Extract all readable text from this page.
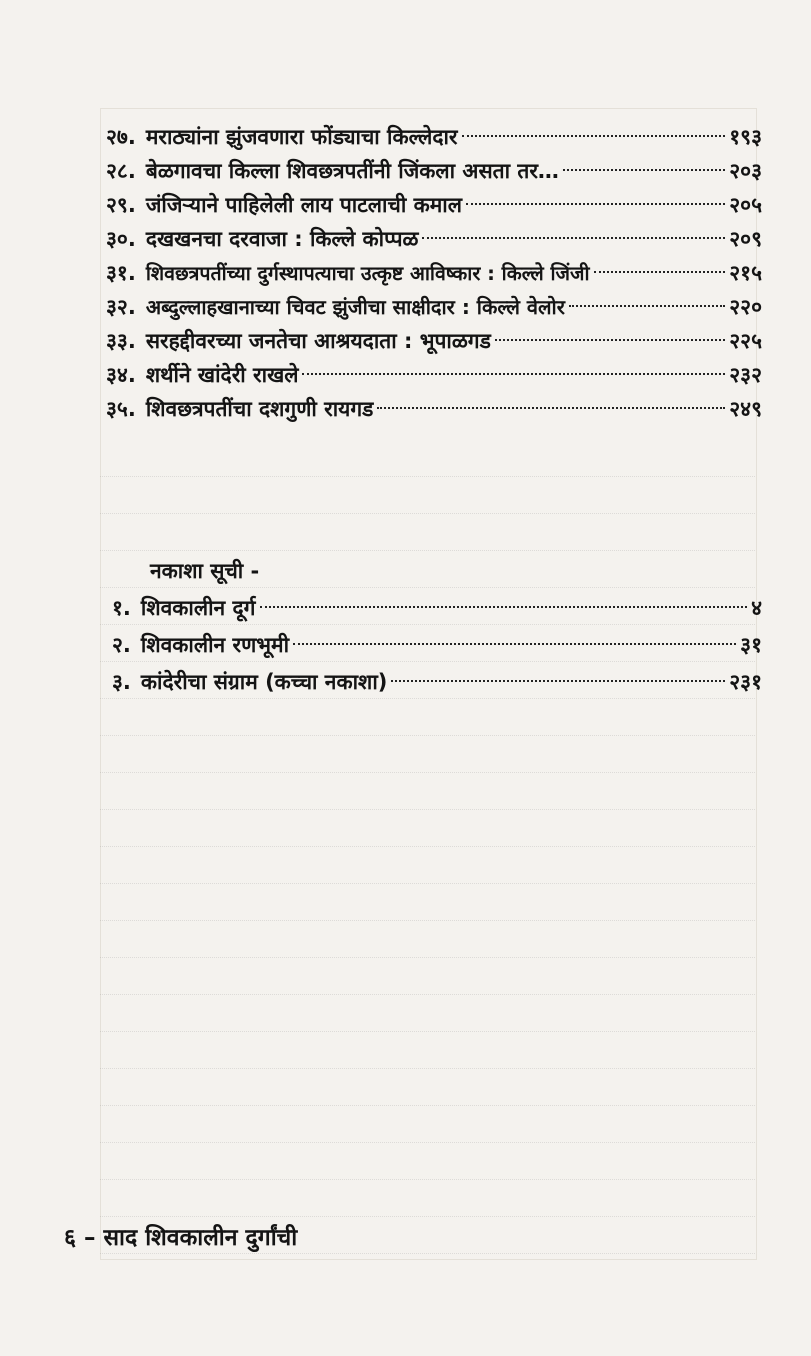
२७. मराठ्यांना झुंजवणारा फोंड्याचा किल्लेदार	१९३
२८. बेळगावचा किल्ला शिवछत्रपतींनी जिंकला असता तर…	२०३
२९. जंजिऱ्याने पाहिलेली लाय पाटलाची कमाल	२०५
३०. दखखनचा दरवाजा : किल्ले कोप्पळ	२०९
३१. शिवछत्रपतींच्या दुर्गस्थापत्याचा उत्कृष्ट आविष्कार : किल्ले जिंजी	२१५
३२. अब्दुल्लाहखानाच्या चिवट झुंजीचा साक्षीदार : किल्ले वेलोर	२२०
३३. सरहद्दीवरच्या जनतेचा आश्रयदाता : भूपाळगड	२२५
३४. शर्थीने खांदेरी राखले	२३२
३५. शिवछत्रपतींचा दशगुणी रायगड	२४९
नकाशा सूची -
१. शिवकालीन दूर्ग	४
२. शिवकालीन रणभूमी	३१
३. कांदेरीचा संग्राम (कच्चा नकाशा)	२३१
६ – साद शिवकालीन दुर्गांची
